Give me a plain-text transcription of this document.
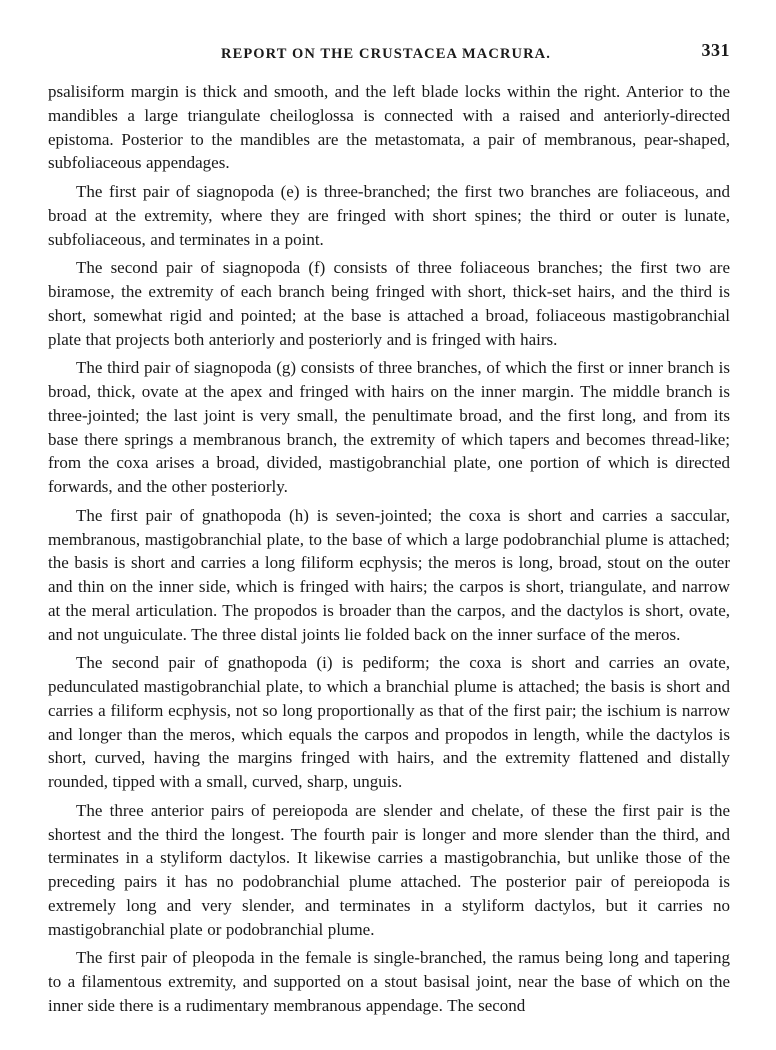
REPORT ON THE CRUSTACEA MACRURA.	331

psalisiform margin is thick and smooth, and the left blade locks within the right. Anterior to the mandibles a large triangulate cheiloglossa is connected with a raised and anteriorly-directed epistoma. Posterior to the mandibles are the metastomata, a pair of membranous, pear-shaped, subfoliaceous appendages.

The first pair of siagnopoda (e) is three-branched; the first two branches are foliaceous, and broad at the extremity, where they are fringed with short spines; the third or outer is lunate, subfoliaceous, and terminates in a point.

The second pair of siagnopoda (f) consists of three foliaceous branches; the first two are biramose, the extremity of each branch being fringed with short, thick-set hairs, and the third is short, somewhat rigid and pointed; at the base is attached a broad, foliaceous mastigobranchial plate that projects both anteriorly and posteriorly and is fringed with hairs.

The third pair of siagnopoda (g) consists of three branches, of which the first or inner branch is broad, thick, ovate at the apex and fringed with hairs on the inner margin. The middle branch is three-jointed; the last joint is very small, the penultimate broad, and the first long, and from its base there springs a membranous branch, the extremity of which tapers and becomes thread-like; from the coxa arises a broad, divided, mastigobranchial plate, one portion of which is directed forwards, and the other posteriorly.

The first pair of gnathopoda (h) is seven-jointed; the coxa is short and carries a saccular, membranous, mastigobranchial plate, to the base of which a large podobranchial plume is attached; the basis is short and carries a long filiform ecphysis; the meros is long, broad, stout on the outer and thin on the inner side, which is fringed with hairs; the carpos is short, triangulate, and narrow at the meral articulation. The propodos is broader than the carpos, and the dactylos is short, ovate, and not unguiculate. The three distal joints lie folded back on the inner surface of the meros.

The second pair of gnathopoda (i) is pediform; the coxa is short and carries an ovate, pedunculated mastigobranchial plate, to which a branchial plume is attached; the basis is short and carries a filiform ecphysis, not so long proportionally as that of the first pair; the ischium is narrow and longer than the meros, which equals the carpos and propodos in length, while the dactylos is short, curved, having the margins fringed with hairs, and the extremity flattened and distally rounded, tipped with a small, curved, sharp, unguis.

The three anterior pairs of pereiopoda are slender and chelate, of these the first pair is the shortest and the third the longest. The fourth pair is longer and more slender than the third, and terminates in a styliform dactylos. It likewise carries a mastigobranchia, but unlike those of the preceding pairs it has no podobranchial plume attached. The posterior pair of pereiopoda is extremely long and very slender, and terminates in a styliform dactylos, but it carries no mastigobranchial plate or podobranchial plume.

The first pair of pleopoda in the female is single-branched, the ramus being long and tapering to a filamentous extremity, and supported on a stout basisal joint, near the base of which on the inner side there is a rudimentary membranous appendage. The second
